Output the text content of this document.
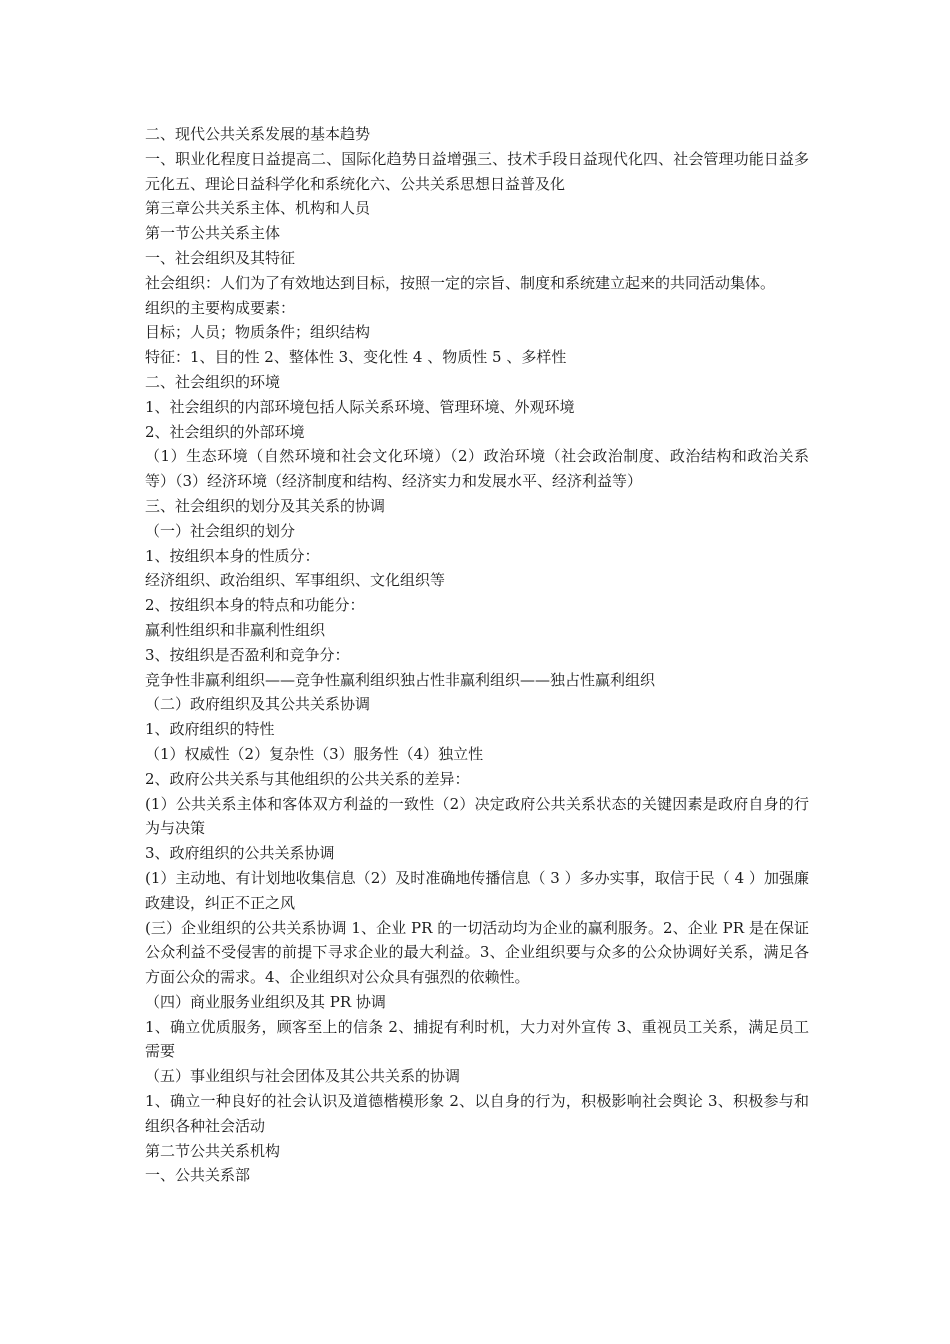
二、现代公共关系发展的基本趋势
一、职业化程度日益提高二、国际化趋势日益增强三、技术手段日益现代化四、社会管理功能日益多元化五、理论日益科学化和系统化六、公共关系思想日益普及化
第三章公共关系主体、机构和人员
第一节公共关系主体
一、社会组织及其特征
社会组织：人们为了有效地达到目标，按照一定的宗旨、制度和系统建立起来的共同活动集体。
组织的主要构成要素：
目标；人员；物质条件；组织结构
特征：1、目的性 2、整体性 3、变化性 4 、物质性 5 、多样性
二、社会组织的环境
1、社会组织的内部环境包括人际关系环境、管理环境、外观环境
2、社会组织的外部环境
（1）生态环境（自然环境和社会文化环境）（2）政治环境（社会政治制度、政治结构和政治关系等）（3）经济环境（经济制度和结构、经济实力和发展水平、经济利益等）
三、社会组织的划分及其关系的协调
（一）社会组织的划分
1、按组织本身的性质分：
经济组织、政治组织、军事组织、文化组织等
2、按组织本身的特点和功能分：
赢利性组织和非赢利性组织
3、按组织是否盈利和竞争分：
竞争性非赢利组织——竞争性赢利组织独占性非赢利组织——独占性赢利组织
（二）政府组织及其公共关系协调
1、政府组织的特性
（1）权威性（2）复杂性（3）服务性（4）独立性
2、政府公共关系与其他组织的公共关系的差异：
(1）公共关系主体和客体双方利益的一致性（2）决定政府公共关系状态的关键因素是政府自身的行为与决策
3、政府组织的公共关系协调
(1）主动地、有计划地收集信息（2）及时准确地传播信息（ 3 ）多办实事，取信于民（ 4 ）加强廉政建设，纠正不正之风
(三）企业组织的公共关系协调 1、企业 PR 的一切活动均为企业的赢利服务。2、企业 PR 是在保证公众利益不受侵害的前提下寻求企业的最大利益。3、企业组织要与众多的公众协调好关系，满足各方面公众的需求。4、企业组织对公众具有强烈的依赖性。
（四）商业服务业组织及其 PR 协调
1、确立优质服务，顾客至上的信条 2、捕捉有利时机，大力对外宣传 3、重视员工关系，满足员工需要
（五）事业组织与社会团体及其公共关系的协调
1、确立一种良好的社会认识及道德楷模形象 2、以自身的行为，积极影响社会舆论 3、积极参与和组织各种社会活动
第二节公共关系机构
一、公共关系部
